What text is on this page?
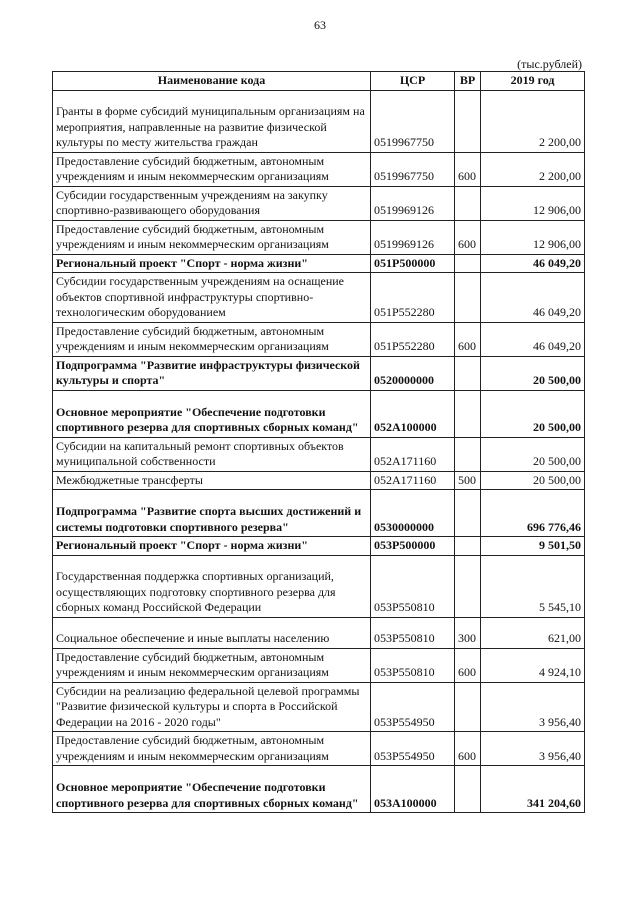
63
(тыс.рублей)
Наименование кода	ЦСР	ВР	2019 год
Гранты в форме субсидий муниципальным организациям на мероприятия, направленные на развитие физической культуры по месту жительства граждан	0519967750		2 200,00
Предоставление субсидий бюджетным, автономным учреждениям и иным некоммерческим организациям	0519967750	600	2 200,00
Субсидии государственным учреждениям на закупку спортивно-развивающего оборудования	0519969126		12 906,00
Предоставление субсидий бюджетным, автономным учреждениям и иным некоммерческим организациям	0519969126	600	12 906,00
Региональный проект "Спорт - норма жизни"	051P500000		46 049,20
Субсидии государственным учреждениям на оснащение объектов спортивной инфраструктуры спортивно-технологическим оборудованием	051P552280		46 049,20
Предоставление субсидий бюджетным, автономным учреждениям и иным некоммерческим организациям	051P552280	600	46 049,20
Подпрограмма "Развитие инфраструктуры физической культуры и спорта"	0520000000		20 500,00
Основное мероприятие "Обеспечение подготовки спортивного резерва для спортивных сборных команд"	052A100000		20 500,00
Субсидии на капитальный ремонт спортивных объектов муниципальной собственности	052A171160		20 500,00
Межбюджетные трансферты	052A171160	500	20 500,00
Подпрограмма "Развитие спорта высших достижений и системы подготовки спортивного резерва"	0530000000		696 776,46
Региональный проект "Спорт - норма жизни"	053P500000		9 501,50
Государственная поддержка спортивных организаций, осуществляющих подготовку спортивного резерва для сборных команд Российской Федерации	053P550810		5 545,10
Социальное обеспечение и иные выплаты населению	053P550810	300	621,00
Предоставление субсидий бюджетным, автономным учреждениям и иным некоммерческим организациям	053P550810	600	4 924,10
Субсидии на реализацию федеральной целевой программы "Развитие физической культуры и спорта в Российской Федерации на 2016 - 2020 годы"	053P554950		3 956,40
Предоставление субсидий бюджетным, автономным учреждениям и иным некоммерческим организациям	053P554950	600	3 956,40
Основное мероприятие "Обеспечение подготовки спортивного резерва для спортивных сборных команд"	053A100000		341 204,60
